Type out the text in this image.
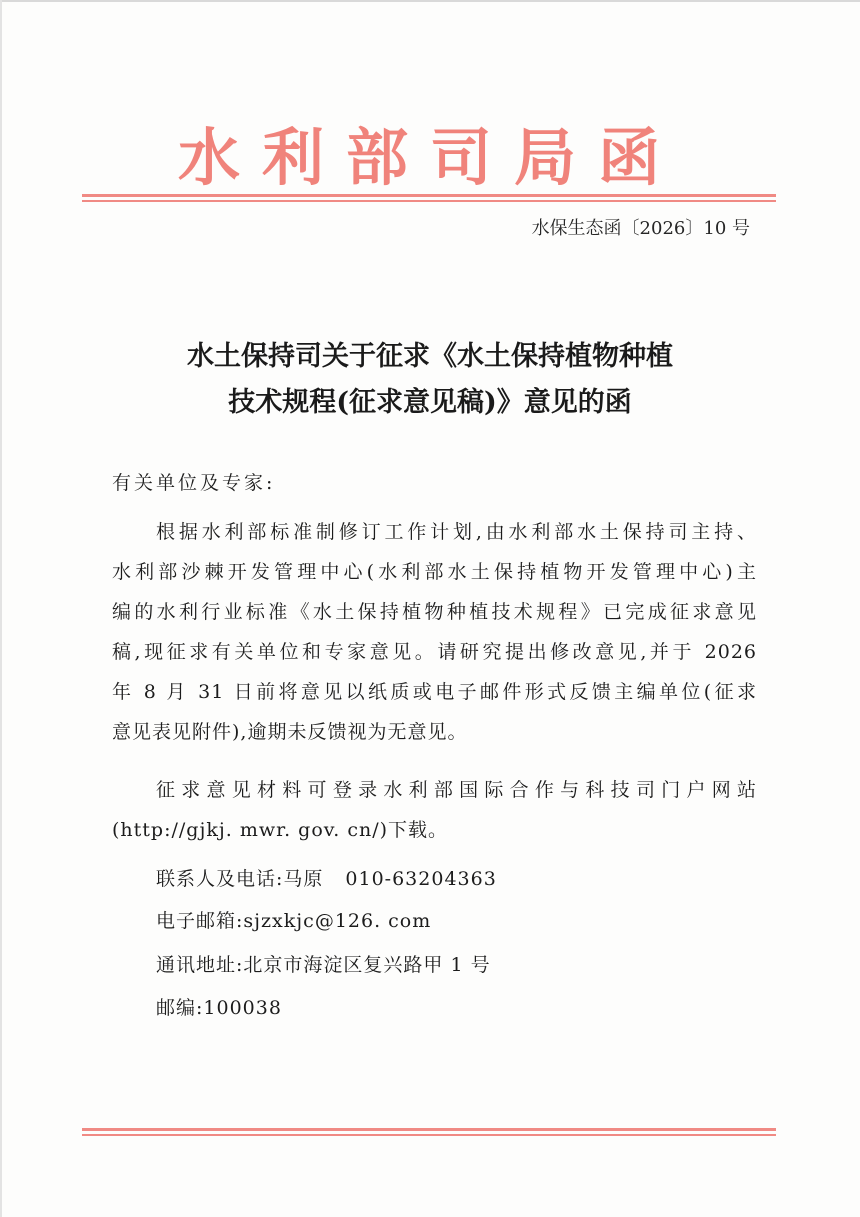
水利部司局函
水保生态函〔2026〕10 号
水土保持司关于征求《水土保持植物种植
技术规程(征求意见稿)》意见的函
有关单位及专家:
根据水利部标准制修订工作计划,由水利部水土保持司主持、
水利部沙棘开发管理中心(水利部水土保持植物开发管理中心)主
编的水利行业标准《水土保持植物种植技术规程》已完成征求意见
稿,现征求有关单位和专家意见。请研究提出修改意见,并于 2026
年 8 月 31 日前将意见以纸质或电子邮件形式反馈主编单位(征求
意见表见附件),逾期未反馈视为无意见。
征求意见材料可登录水利部国际合作与科技司门户网站
(http://gjkj. mwr. gov. cn/)下载。
联系人及电话:马原 010-63204363
电子邮箱:sjzxkjc@126. com
通讯地址:北京市海淀区复兴路甲 1 号
邮编:100038
